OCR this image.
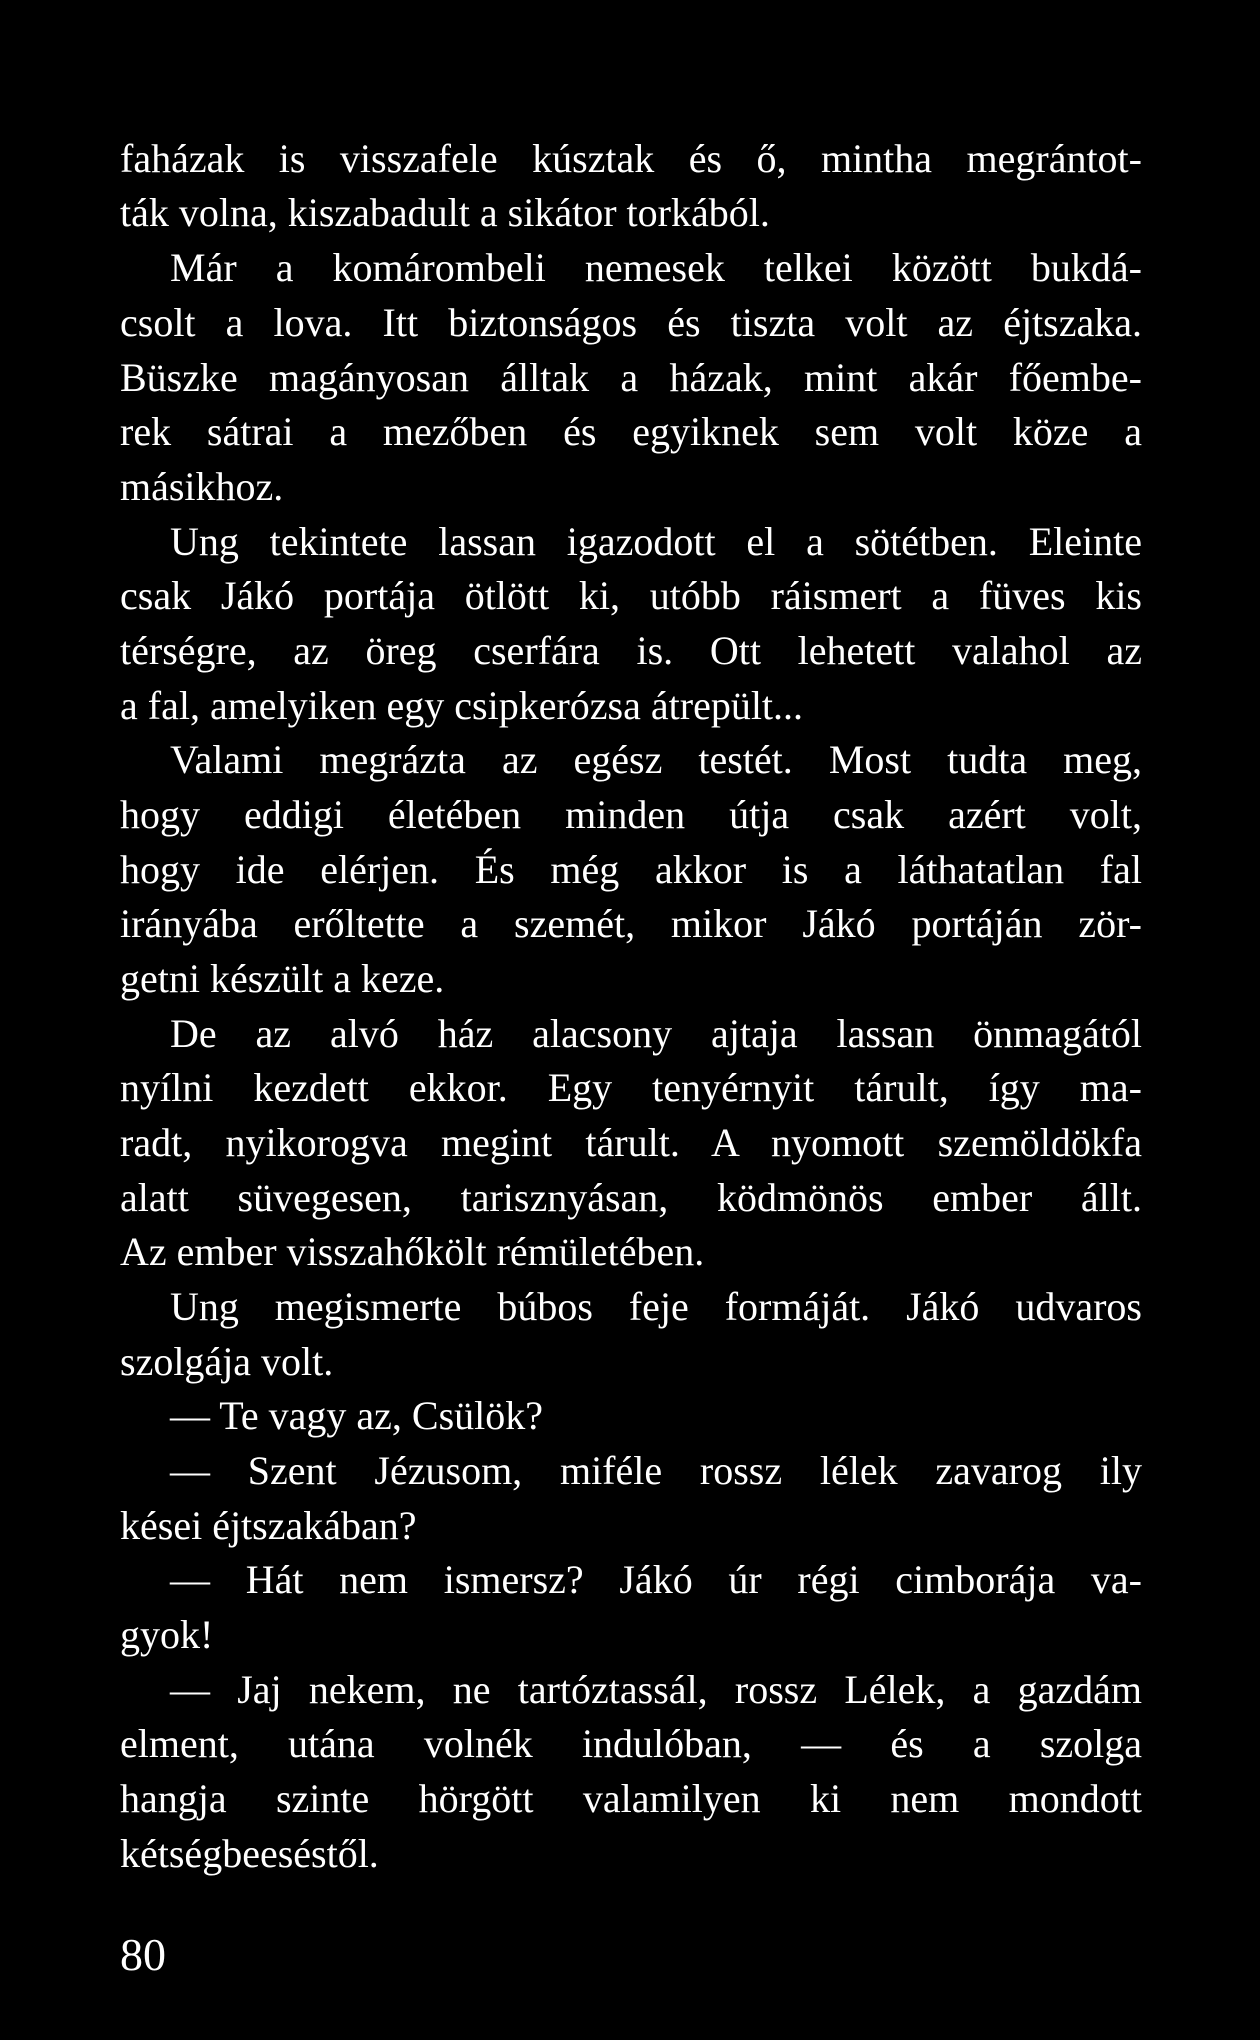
faházak is visszafele kúsztak és ő, mintha megrántot-
ták volna, kiszabadult a sikátor torkából.
Már a komárombeli nemesek telkei között bukdá-
csolt a lova. Itt biztonságos és tiszta volt az éjtszaka.
Büszke magányosan álltak a házak, mint akár főembe-
rek sátrai a mezőben és egyiknek sem volt köze a
másikhoz.
Ung tekintete lassan igazodott el a sötétben. Eleinte
csak Jákó portája ötlött ki, utóbb ráismert a füves kis
térségre, az öreg cserfára is. Ott lehetett valahol az
a fal, amelyiken egy csipkerózsa átrepült...
Valami megrázta az egész testét. Most tudta meg,
hogy eddigi életében minden útja csak azért volt,
hogy ide elérjen. És még akkor is a láthatatlan fal
irányába erőltette a szemét, mikor Jákó portáján zör-
getni készült a keze.
De az alvó ház alacsony ajtaja lassan önmagától
nyílni kezdett ekkor. Egy tenyérnyit tárult, így ma-
radt, nyikorogva megint tárult. A nyomott szemöldökfa
alatt süvegesen, tarisznyásan, ködmönös ember állt.
Az ember visszahőkölt rémületében.
Ung megismerte búbos feje formáját. Jákó udvaros
szolgája volt.
— Te vagy az, Csülök?
— Szent Jézusom, miféle rossz lélek zavarog ily
kései éjtszakában?
— Hát nem ismersz? Jákó úr régi cimborája va-
gyok!
— Jaj nekem, ne tartóztassál, rossz Lélek, a gazdám
elment, utána volnék indulóban, — és a szolga
hangja szinte hörgött valamilyen ki nem mondott
kétségbeeséstől.
80
